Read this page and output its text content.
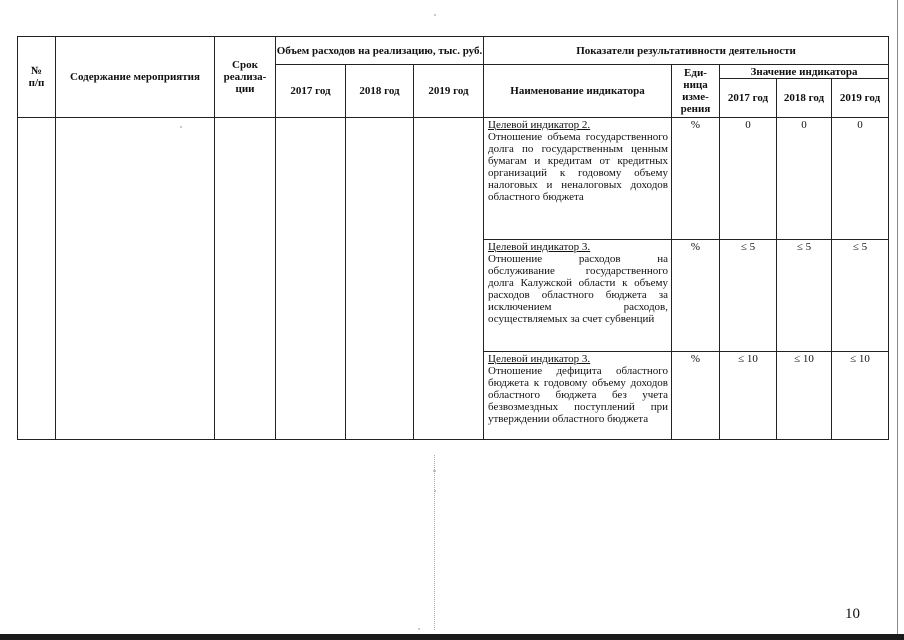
№
п/п	Содержание мероприятия	Срок
реализа-
ции	Объем расходов на реализацию, тыс. руб.			Показатели результативности деятельности				
			2017 год	2018 год	2019 год	Наименование индикатора	Еди-
ница
изме-
рения	Значение индикатора		
								2017 год	2018 год	2019 год

						Целевой индикатор 2.
Отношение объема государственного долга по государственным ценным бумагам и кредитам от кредитных организаций к годовому объему налоговых и неналоговых доходов областного бюджета	%	0	0	0

						Целевой индикатор 3.
Отношение расходов на обслуживание государственного долга Калужской области к объему расходов областного бюджета за исключением расходов, осуществляемых за счет субвенций	%	≤ 5	≤ 5	≤ 5

						Целевой индикатор 3.
Отношение дефицита областного бюджета к годовому объему доходов областного бюджета без учета безвозмездных поступлений при утверждении областного бюджета	%	≤ 10	≤ 10	≤ 10
10
